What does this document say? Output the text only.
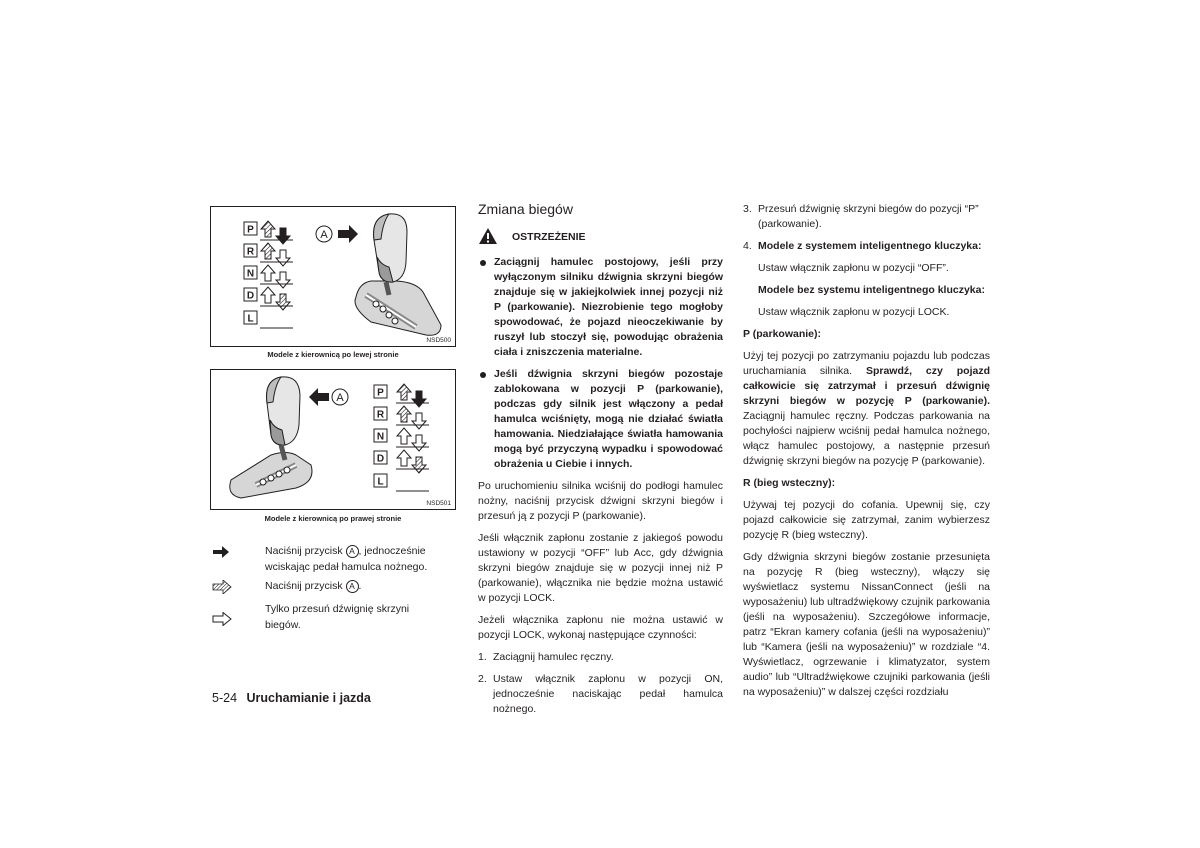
P
R
N
D
L
A
NSD500
Modele z kierownicą po lewej stronie
A	P
R
N
D
L
NSD501
Modele z kierownicą po prawej stronie
Naciśnij przycisk A , jednocześnie wciskając pedał hamulca nożnego.
Naciśnij przycisk A .
Tylko przesuń dźwignię skrzyni biegów.
Zmiana biegów
OSTRZEŻENIE

Zaciągnij hamulec postojowy, jeśli przy wyłączonym silniku dźwignia skrzyni biegów znajduje się w jakiejkolwiek innej pozycji niż P (parkowanie). Niezrobienie tego mogłoby spowodować, że pojazd nieoczekiwanie by ruszył lub stoczył się, powodując obrażenia ciała i zniszczenia materialne.

Jeśli dźwignia skrzyni biegów pozostaje zablokowana w pozycji P (parkowanie), podczas gdy silnik jest włączony a pedał hamulca wciśnięty, mogą nie działać światła hamowania. Niedziałające światła hamowania mogą być przyczyną wypadku i spowodować obrażenia u Ciebie i innych.

Po uruchomieniu silnika wciśnij do podłogi hamulec nożny, naciśnij przycisk dźwigni skrzyni biegów i przesuń ją z pozycji P (parkowanie).

Jeśli włącznik zapłonu zostanie z jakiegoś powodu ustawiony w pozycji “OFF” lub Acc, gdy dźwignia skrzyni biegów znajduje się w pozycji innej niż P (parkowanie), włącznika nie będzie można ustawić w pozycji LOCK.

Jeżeli włącznika zapłonu nie można ustawić w pozycji LOCK, wykonaj następujące czynności:

1. Zaciągnij hamulec ręczny.
2. Ustaw włącznik zapłonu w pozycji ON, jednocześnie naciskając pedał hamulca nożnego.
3. Przesuń dźwignię skrzyni biegów do pozycji “P” (parkowanie).
4. Modele z systemem inteligentnego kluczyka:

Ustaw włącznik zapłonu w pozycji “OFF”.

Modele bez systemu inteligentnego kluczyka:

Ustaw włącznik zapłonu w pozycji LOCK.

P (parkowanie):

Użyj tej pozycji po zatrzymaniu pojazdu lub podczas uruchamiania silnika. Sprawdź, czy pojazd całkowicie się zatrzymał i przesuń dźwignię skrzyni biegów w pozycję P (parkowanie). Zaciągnij hamulec ręczny. Podczas parkowania na pochyłości najpierw wciśnij pedał hamulca nożnego, włącz hamulec postojowy, a następnie przesuń dźwignię skrzyni biegów na pozycję P (parkowanie).

R (bieg wsteczny):

Używaj tej pozycji do cofania. Upewnij się, czy pojazd całkowicie się zatrzymał, zanim wybierzesz pozycję R (bieg wsteczny).

Gdy dźwignia skrzyni biegów zostanie przesunięta na pozycję R (bieg wsteczny), włączy się wyświetlacz systemu NissanConnect (jeśli na wyposażeniu) lub ultradźwiękowy czujnik parkowania (jeśli na wyposażeniu). Szczegółowe informacje, patrz “Ekran kamery cofania (jeśli na wyposażeniu)” lub “Kamera (jeśli na wyposażeniu)” w rozdziale “4. Wyświetlacz, ogrzewanie i klimatyzator, system audio” lub “Ultradźwiękowe czujniki parkowania (jeśli na wyposażeniu)” w dalszej części rozdziału

5-24 Uruchamianie i jazda
